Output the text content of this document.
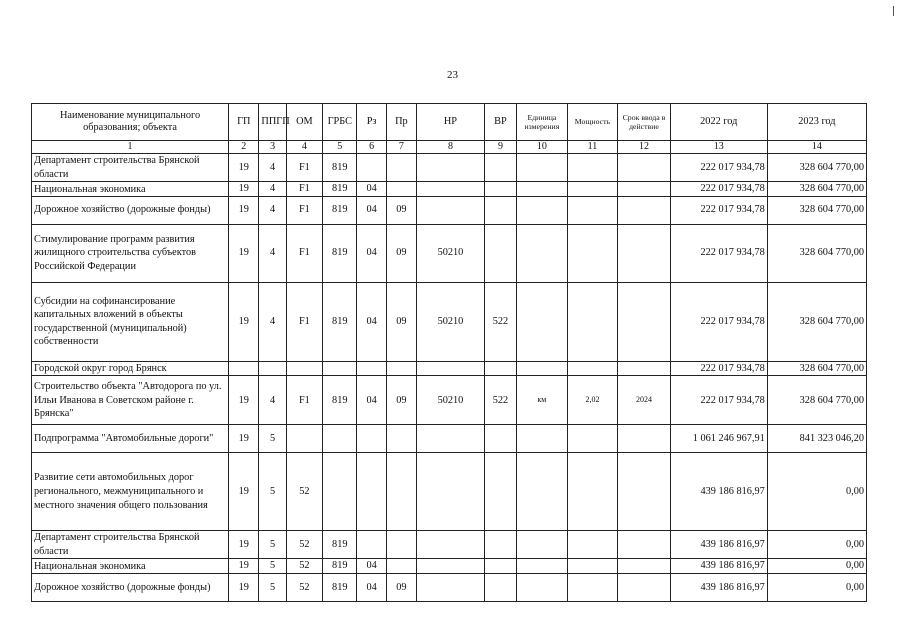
23
Наименование муниципального образования; объекта	ГП	ППГП	ОМ	ГРБС	Рз	Пр	НР	ВР	Единица измерения	Мощность	Срок ввода в действие	2022 год	2023 год
1	2	3	4	5	6	7	8	9	10	11	12	13	14
Департамент строительства Брянской области	19	4	F1	819								222 017 934,78	328 604 770,00
Национальная экономика	19	4	F1	819	04							222 017 934,78	328 604 770,00
Дорожное хозяйство (дорожные фонды)	19	4	F1	819	04	09						222 017 934,78	328 604 770,00
Стимулирование программ развития жилищного строительства субъектов Российской Федерации	19	4	F1	819	04	09	50210					222 017 934,78	328 604 770,00
Субсидии на софинансирование капитальных вложений в объекты государственной (муниципальной) собственности	19	4	F1	819	04	09	50210	522				222 017 934,78	328 604 770,00
Городской округ город Брянск												222 017 934,78	328 604 770,00
Строительство объекта "Автодорога по ул. Ильи Иванова в Советском районе г. Брянска"	19	4	F1	819	04	09	50210	522	км	2,02	2024	222 017 934,78	328 604 770,00
Подпрограмма "Автомобильные дороги"	19	5										1 061 246 967,91	841 323 046,20
Развитие сети автомобильных дорог регионального, межмуниципального и местного значения общего пользования	19	5	52									439 186 816,97	0,00
Департамент строительства Брянской области	19	5	52	819								439 186 816,97	0,00
Национальная экономика	19	5	52	819	04							439 186 816,97	0,00
Дорожное хозяйство (дорожные фонды)	19	5	52	819	04	09						439 186 816,97	0,00
